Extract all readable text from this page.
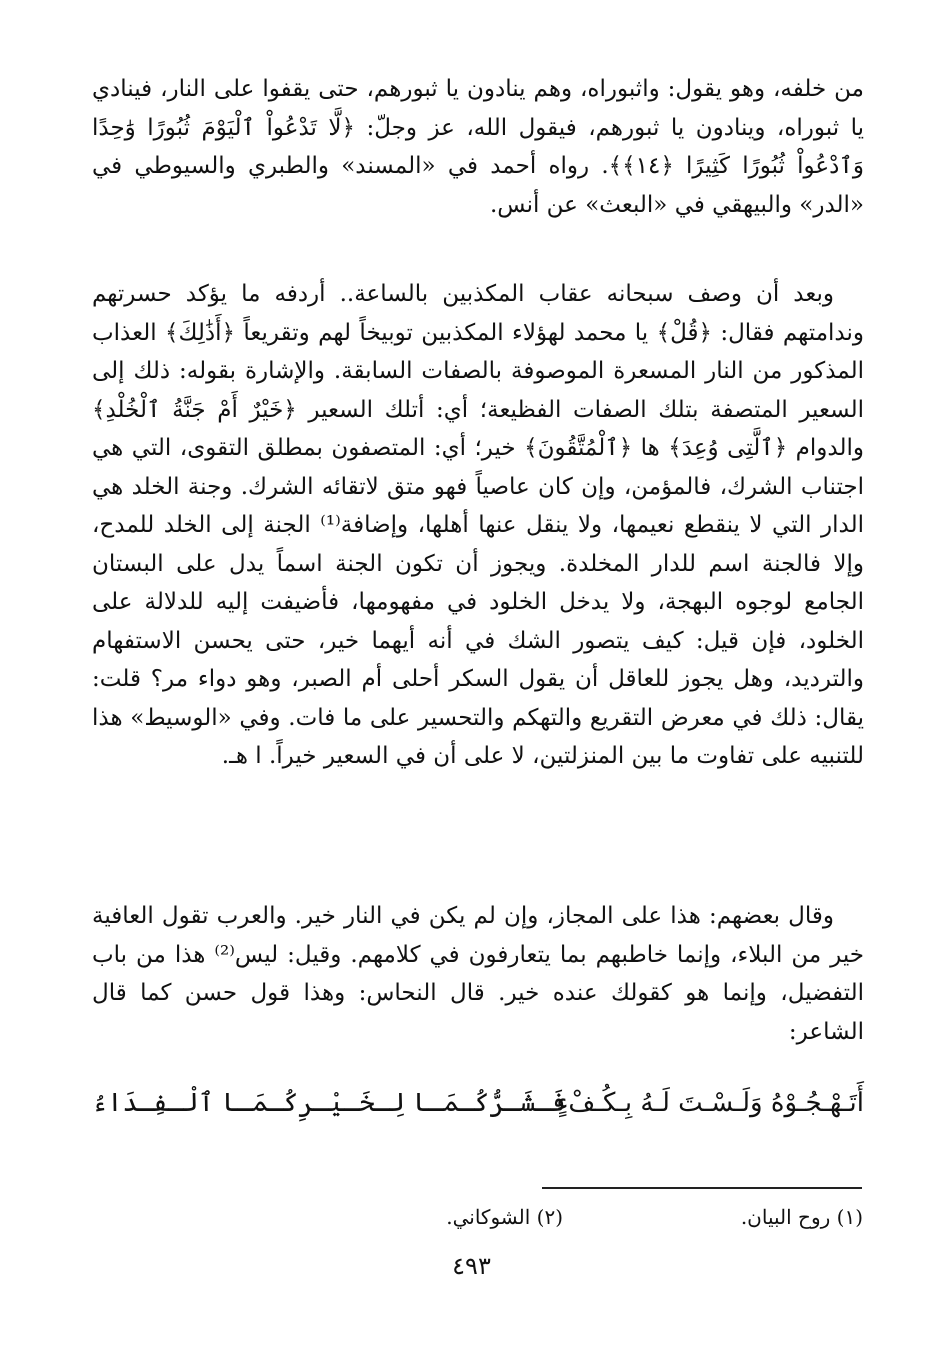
من خلفه، وهو يقول: واثبوراه، وهم ينادون يا ثبورهم، حتى يقفوا على النار، فينادي يا ثبوراه، وينادون يا ثبورهم، فيقول الله، عز وجلّ: ﴿لَّا تَدْعُواْ ٱلْيَوْمَ ثُبُورًا وَٰحِدًا وَٱدْعُواْ ثُبُورًا كَثِيرًا ﴿١٤﴾﴾. رواه أحمد في «المسند» والطبري والسيوطي في «الدر» والبيهقي في «البعث» عن أنس.

وبعد أن وصف سبحانه عقاب المكذبين بالساعة.. أردفه ما يؤكد حسرتهم وندامتهم فقال: ﴿قُلْ﴾ يا محمد لهؤلاء المكذبين توبيخاً لهم وتقريعاً ﴿أَذَٰلِكَ﴾ العذاب المذكور من النار المسعرة الموصوفة بالصفات السابقة. والإشارة بقوله: ذلك إلى السعير المتصفة بتلك الصفات الفظيعة؛ أي: أتلك السعير ﴿خَيْرٌ أَمْ جَنَّةُ ٱلْخُلْدِ﴾ والدوام ﴿ٱلَّتِى وُعِدَ﴾ ها ﴿ٱلْمُتَّقُونَ﴾ خير؛ أي: المتصفون بمطلق التقوى، التي هي اجتناب الشرك، فالمؤمن، وإن كان عاصياً فهو متق لاتقائه الشرك. وجنة الخلد هي الدار التي لا ينقطع نعيمها، ولا ينقل عنها أهلها، وإضافة⁽¹⁾ الجنة إلى الخلد للمدح، وإلا فالجنة اسم للدار المخلدة. ويجوز أن تكون الجنة اسماً يدل على البستان الجامع لوجوه البهجة، ولا يدخل الخلود في مفهومها، فأضيفت إليه للدلالة على الخلود، فإن قيل: كيف يتصور الشك في أنه أيهما خير، حتى يحسن الاستفهام والترديد، وهل يجوز للعاقل أن يقول السكر أحلى أم الصبر، وهو دواء مر؟ قلت: يقال: ذلك في معرض التقريع والتهكم والتحسير على ما فات. وفي «الوسيط» هذا للتنبيه على تفاوت ما بين المنزلتين، لا على أن في السعير خيراً. ا هـ.

وقال بعضهم: هذا على المجاز، وإن لم يكن في النار خير. والعرب تقول العافية خير من البلاء، وإنما خاطبهم بما يتعارفون في كلامهم. وقيل: ليس⁽²⁾ هذا من باب التفضيل، وإنما هو كقولك عنده خير. قال النحاس: وهذا قول حسن كما قال الشاعر:

أَتَـهْـجُـوْهُ وَلَـسْـتَ لَـهُ بِـكُـفْءٍ
فَـشَـرُّكُـمَـا لِـخَـيْـرِكُـمَـا ٱلْـفِـدَاءُ
(١) روح البيان.
(٢) الشوكاني.
٤٩٣
